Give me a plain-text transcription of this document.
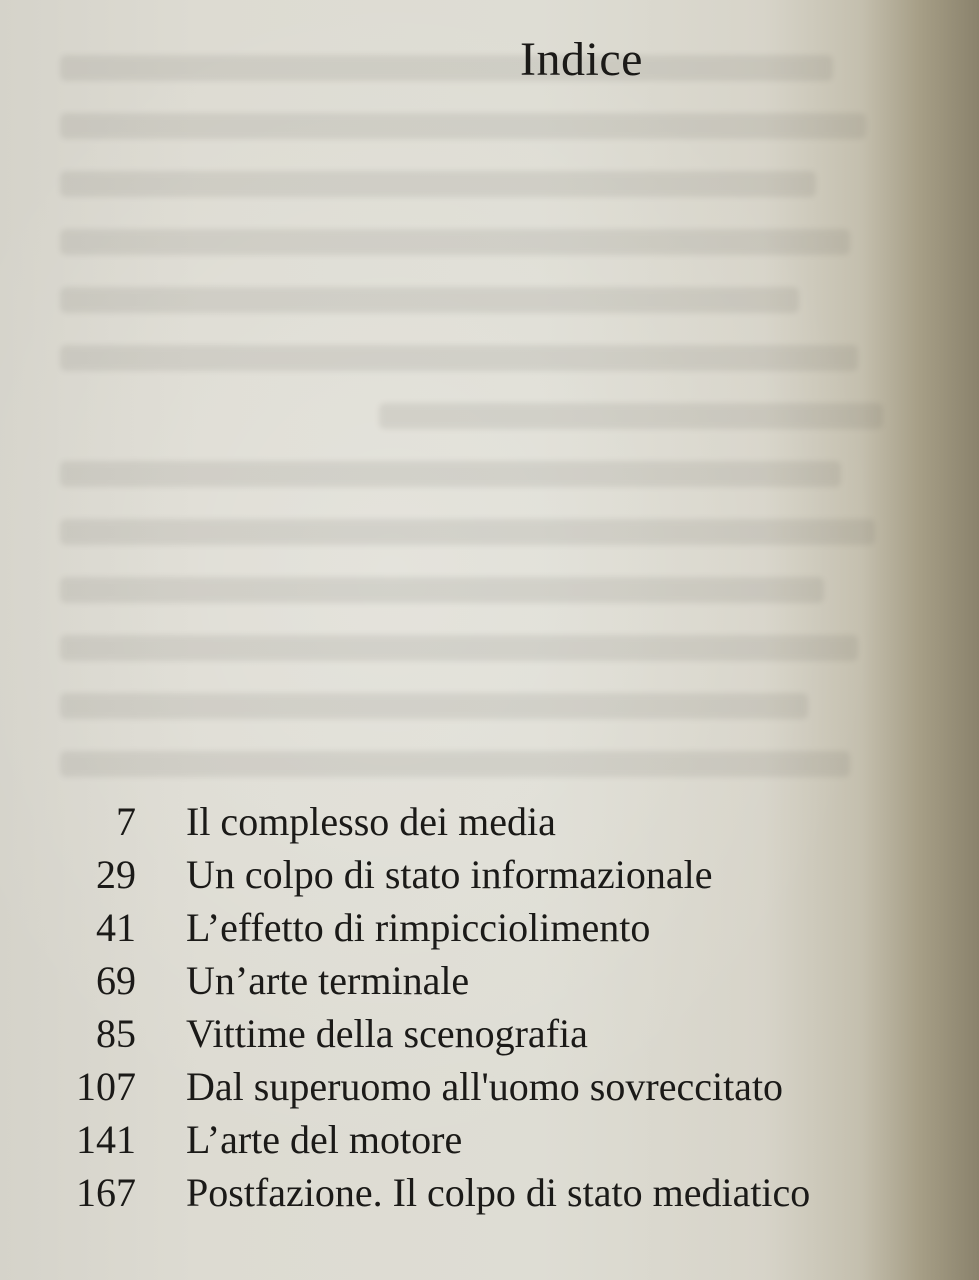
Indice
7 Il complesso dei media
29 Un colpo di stato informazionale
41 L’effetto di rimpicciolimento
69 Un’arte terminale
85 Vittime della scenografia
107 Dal superuomo all'uomo sovreccitato
141 L’arte del motore
167 Postfazione. Il colpo di stato mediatico
